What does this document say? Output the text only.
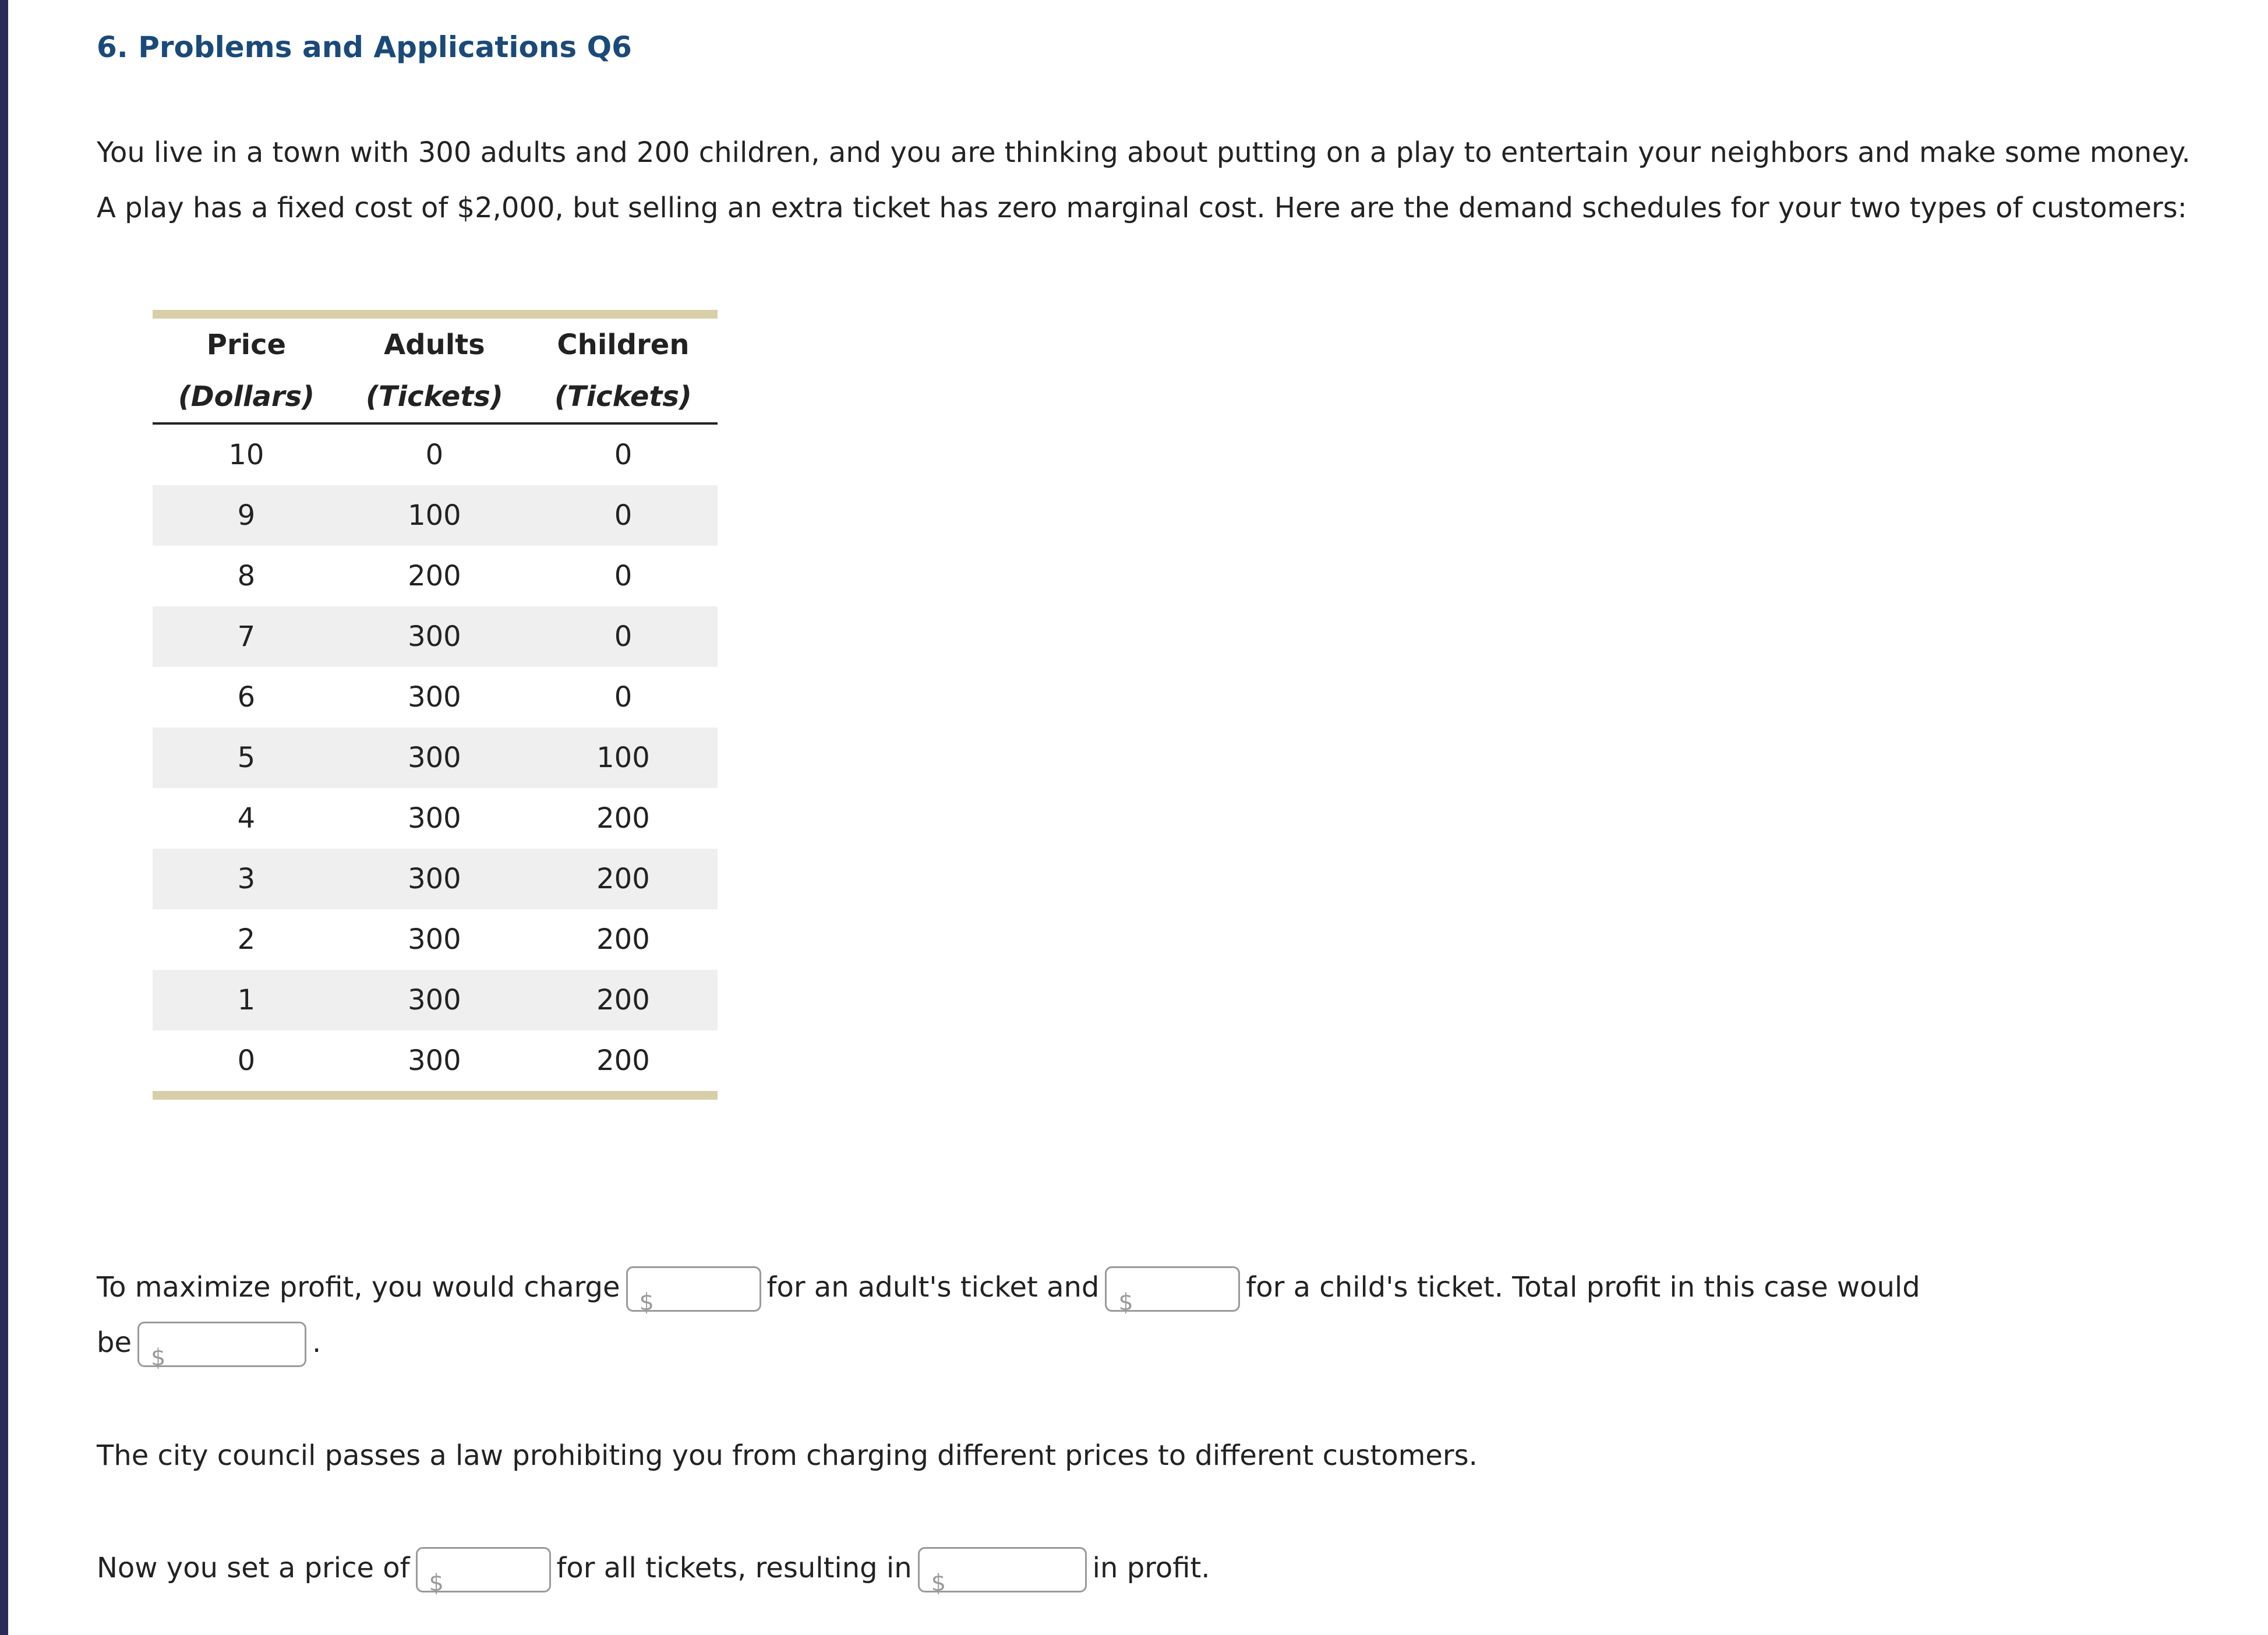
6. Problems and Applications Q6

You live in a town with 300 adults and 200 children, and you are thinking about putting on a play to entertain your neighbors and make some money.

A play has a fixed cost of $2,000, but selling an extra ticket has zero marginal cost. Here are the demand schedules for your two types of customers:

Price	Adults	Children
(Dollars)	(Tickets)	(Tickets)
10	0	0
9	100	0
8	200	0
7	300	0
6	300	0
5	300	100
4	300	200
3	300	200
2	300	200
1	300	200
0	300	200
To maximize profit, you would charge $	for an adult's ticket and $	for a child's ticket. Total profit in this case would
be $	.
The city council passes a law prohibiting you from charging different prices to different customers.
Now you set a price of $	for all tickets, resulting in $	in profit.
